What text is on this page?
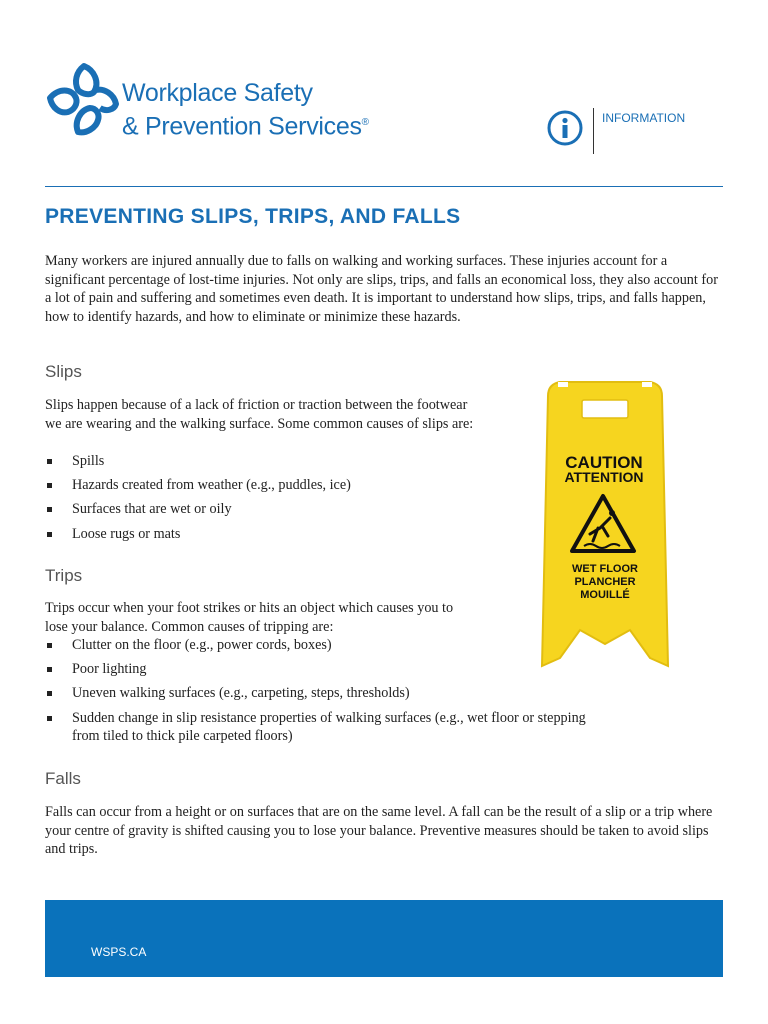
Workplace Safety
& Prevention Services®	INFORMATION
PREVENTING SLIPS, TRIPS, AND FALLS

Many workers are injured annually due to falls on walking and working surfaces. These injuries account for a significant percentage of lost-time injuries. Not only are slips, trips, and falls an economical loss, they also account for a lot of pain and suffering and sometimes even death. It is important to understand how slips, trips, and falls happen, how to identify hazards, and how to eliminate or minimize these hazards.

Slips

Slips happen because of a lack of friction or traction between the footwear we are wearing and the walking surface. Some common causes of slips are:

Spills
Hazards created from weather (e.g., puddles, ice)
Surfaces that are wet or oily
Loose rugs or mats
Trips

Trips occur when your foot strikes or hits an object which causes you to lose your balance. Common causes of tripping are:

Clutter on the floor (e.g., power cords, boxes)
Poor lighting
Uneven walking surfaces (e.g., carpeting, steps, thresholds)
Sudden change in slip resistance properties of walking surfaces (e.g., wet floor or stepping from tiled to thick pile carpeted floors)
Falls

Falls can occur from a height or on surfaces that are on the same level. A fall can be the result of a slip or a trip where your centre of gravity is shifted causing you to lose your balance. Preventive measures should be taken to avoid slips and trips.

CAUTION
ATTENTION
WET FLOOR
PLANCHER
MOUILLÉ
WSPS.CA
